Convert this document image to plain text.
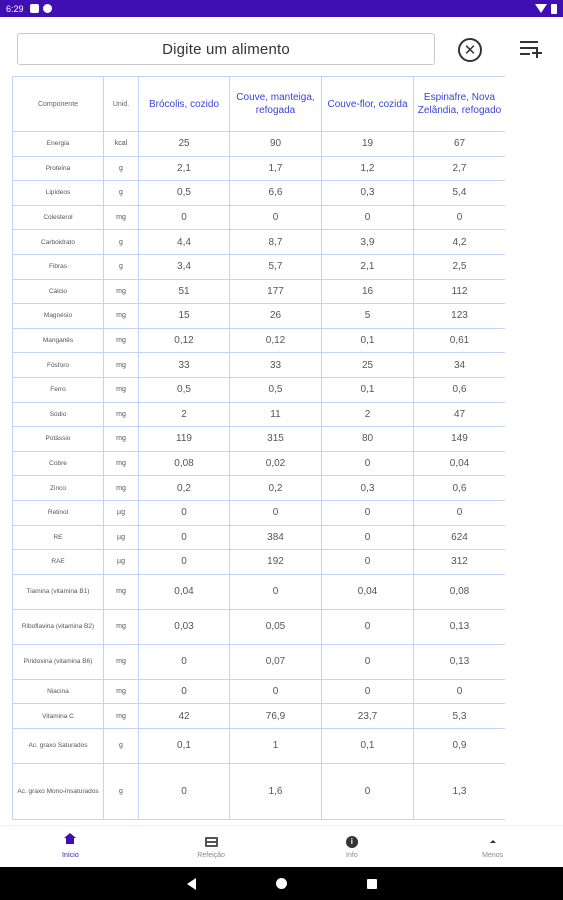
6:29
Digite um alimento	✕
Componente	Unid.	Brócolis, cozido	Couve, manteiga, refogada	Couve-flor, cozida	Espinafre, Nova Zelândia, refogado
Energia	kcal	25	90	19	67
Proteína	g	2,1	1,7	1,2	2,7
Lipídeos	g	0,5	6,6	0,3	5,4
Colesterol	mg	0	0	0	0
Carboidrato	g	4,4	8,7	3,9	4,2
Fibras	g	3,4	5,7	2,1	2,5
Cálcio	mg	51	177	16	112
Magnésio	mg	15	26	5	123
Manganês	mg	0,12	0,12	0,1	0,61
Fósforo	mg	33	33	25	34
Ferro	mg	0,5	0,5	0,1	0,6
Sódio	mg	2	11	2	47
Potássio	mg	119	315	80	149
Cobre	mg	0,08	0,02	0	0,04
Zinco	mg	0,2	0,2	0,3	0,6
Retinol	µg	0	0	0	0
RE	µg	0	384	0	624
RAE	µg	0	192	0	312
Tiamina (vitamina B1)	mg	0,04	0	0,04	0,08
Riboflavina (vitamina B2)	mg	0,03	0,05	0	0,13
Piridoxina (vitamina B6)	mg	0	0,07	0	0,13
Niacina	mg	0	0	0	0
Vitamina C	mg	42	76,9	23,7	5,3
Ac. graxo Saturados	g	0,1	1	0,1	0,9
Ac. graxo Mono-insaturados	g	0	1,6	0	1,3
Início	Refeição
i
Info	Menos
